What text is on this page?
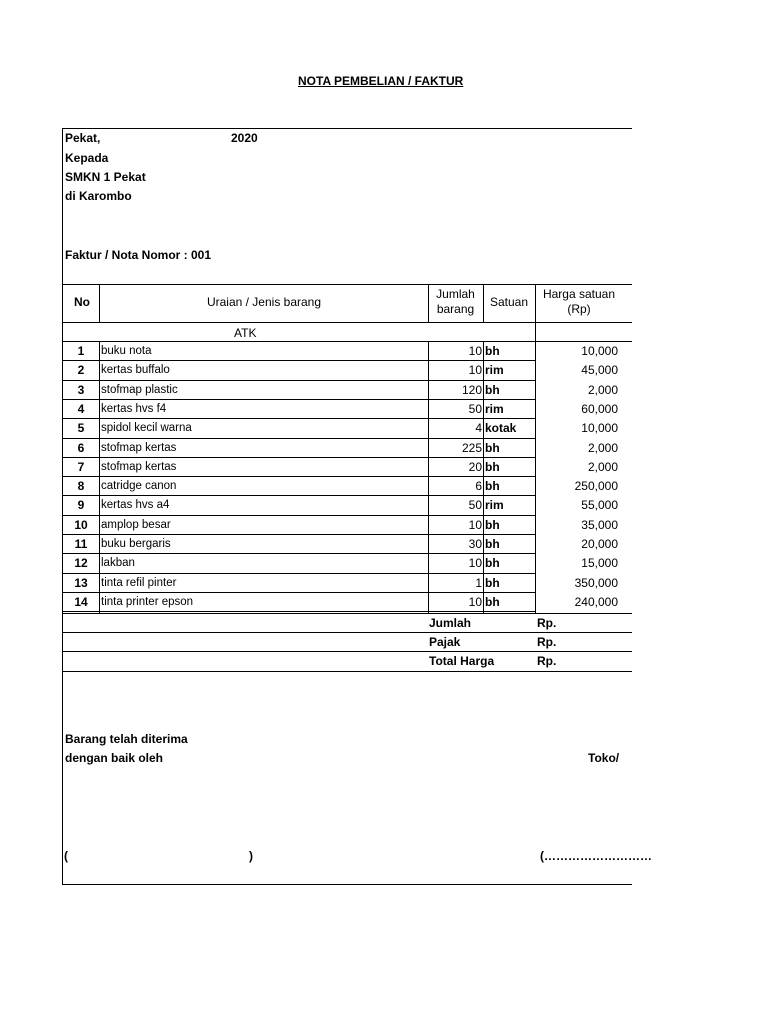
NOTA PEMBELIAN / FAKTUR
Pekat,	2020
Kepada
SMKN 1 Pekat
di Karombo
Faktur / Nota Nomor : 001
No	Uraian / Jenis barang
Jumlah
barang	Satuan
Harga satuan
(Rp)
ATK
1	buku nota	10 bh	10,000
2	kertas buffalo	10 rim	45,000
3	stofmap plastic	120 bh	2,000
4	kertas hvs f4	50 rim	60,000
5	spidol kecil warna	4 kotak	10,000
6	stofmap kertas	225 bh	2,000
7	stofmap kertas	20 bh	2,000
8	catridge canon	6 bh	250,000
9	kertas hvs a4	50 rim	55,000
10	amplop besar	10 bh	35,000
11	buku bergaris	30 bh	20,000
12	lakban	10 bh	15,000
13	tinta refil pinter	1 bh	350,000
14	tinta printer epson	10 bh	240,000
Jumlah	Rp.
Pajak	Rp.
Total Harga	Rp.
Barang telah diterima
dengan baik oleh	Toko/
(	)	(………………………
